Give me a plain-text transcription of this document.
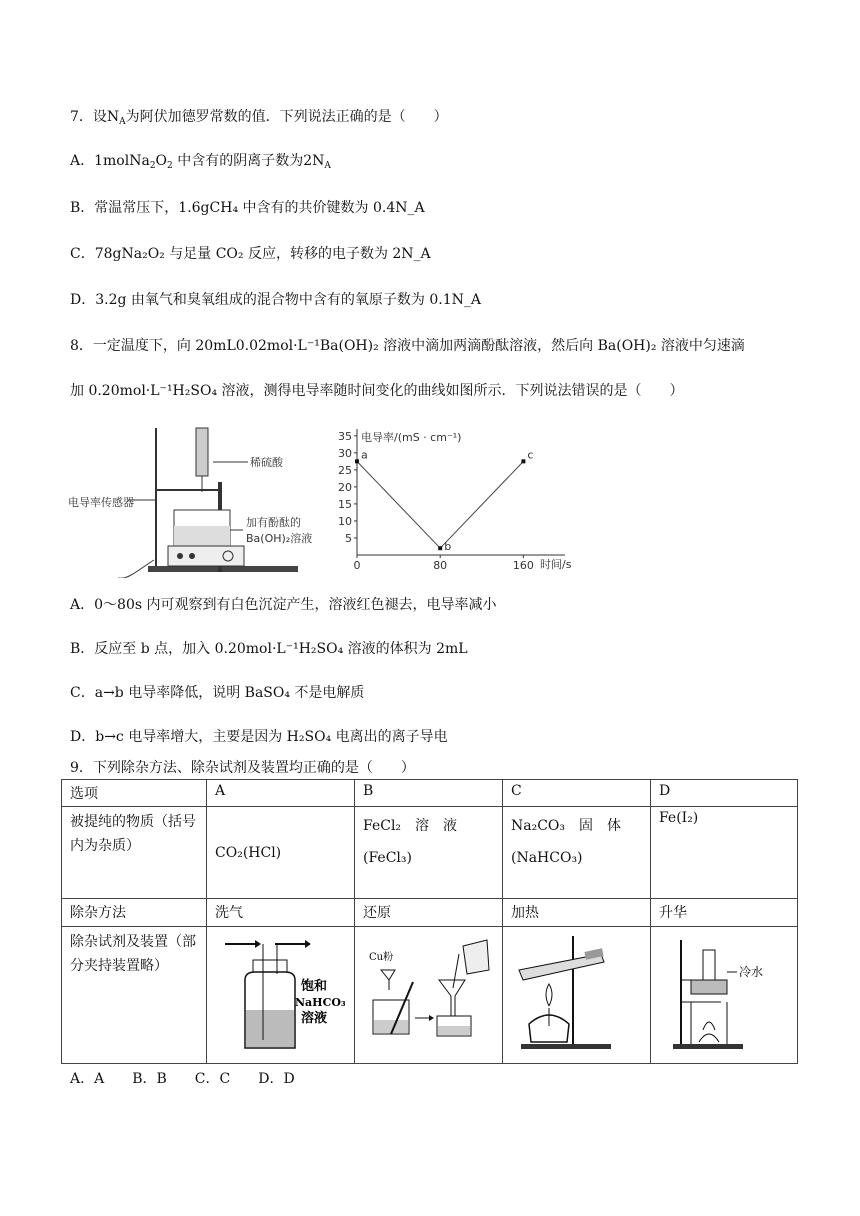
7．设$N_A$为阿伏加德罗常数的值．下列说法正确的是（　　）
A．$1molNa_2O_2$ 中含有的阴离子数为$2N_A$
B．常温常压下，1.6gCH₄ 中含有的共价键数为 0.4N_A
C．78gNa₂O₂ 与足量 CO₂ 反应，转移的电子数为 2N_A
D．3.2g 由氧气和臭氧组成的混合物中含有的氧原子数为 0.1N_A
8．一定温度下，向 20mL0.02mol·L⁻¹Ba(OH)₂ 溶液中滴加两滴酚酞溶液，然后向 Ba(OH)₂ 溶液中匀速滴
加 0.20mol·L⁻¹H₂SO₄ 溶液，测得电导率随时间变化的曲线如图所示．下列说法错误的是（　　）
稀硫酸
电导率传感器
加有酚酞的
Ba(OH)₂溶液
电导率/(mS · cm⁻¹)
时间/s
5
10
15
20
25
30
35
0	80	160
a
b
c
A．0～80s 内可观察到有白色沉淀产生，溶液红色褪去，电导率减小
B．反应至 b 点，加入 0.20mol·L⁻¹H₂SO₄ 溶液的体积为 2mL
C．a→b 电导率降低，说明 BaSO₄ 不是电解质
D．b→c 电导率增大，主要是因为 H₂SO₄ 电离出的离子导电
9．下列除杂方法、除杂试剂及装置均正确的是（　　）
选项	A	B	C	D
被提纯的物质（括号内为杂质）	CO₂(HCl)	FeCl₂　溶　液 (FeCl₃)	Na₂CO₃　固　体 (NaHCO₃)	Fe(I₂)
除杂方法	洗气	还原	加热	升华
除杂试剂及装置（部分夹持装置略）	饱和
NaHCO₃
溶液	Cu粉		冷水
A．A　　B．B　　C．C　　D．D
